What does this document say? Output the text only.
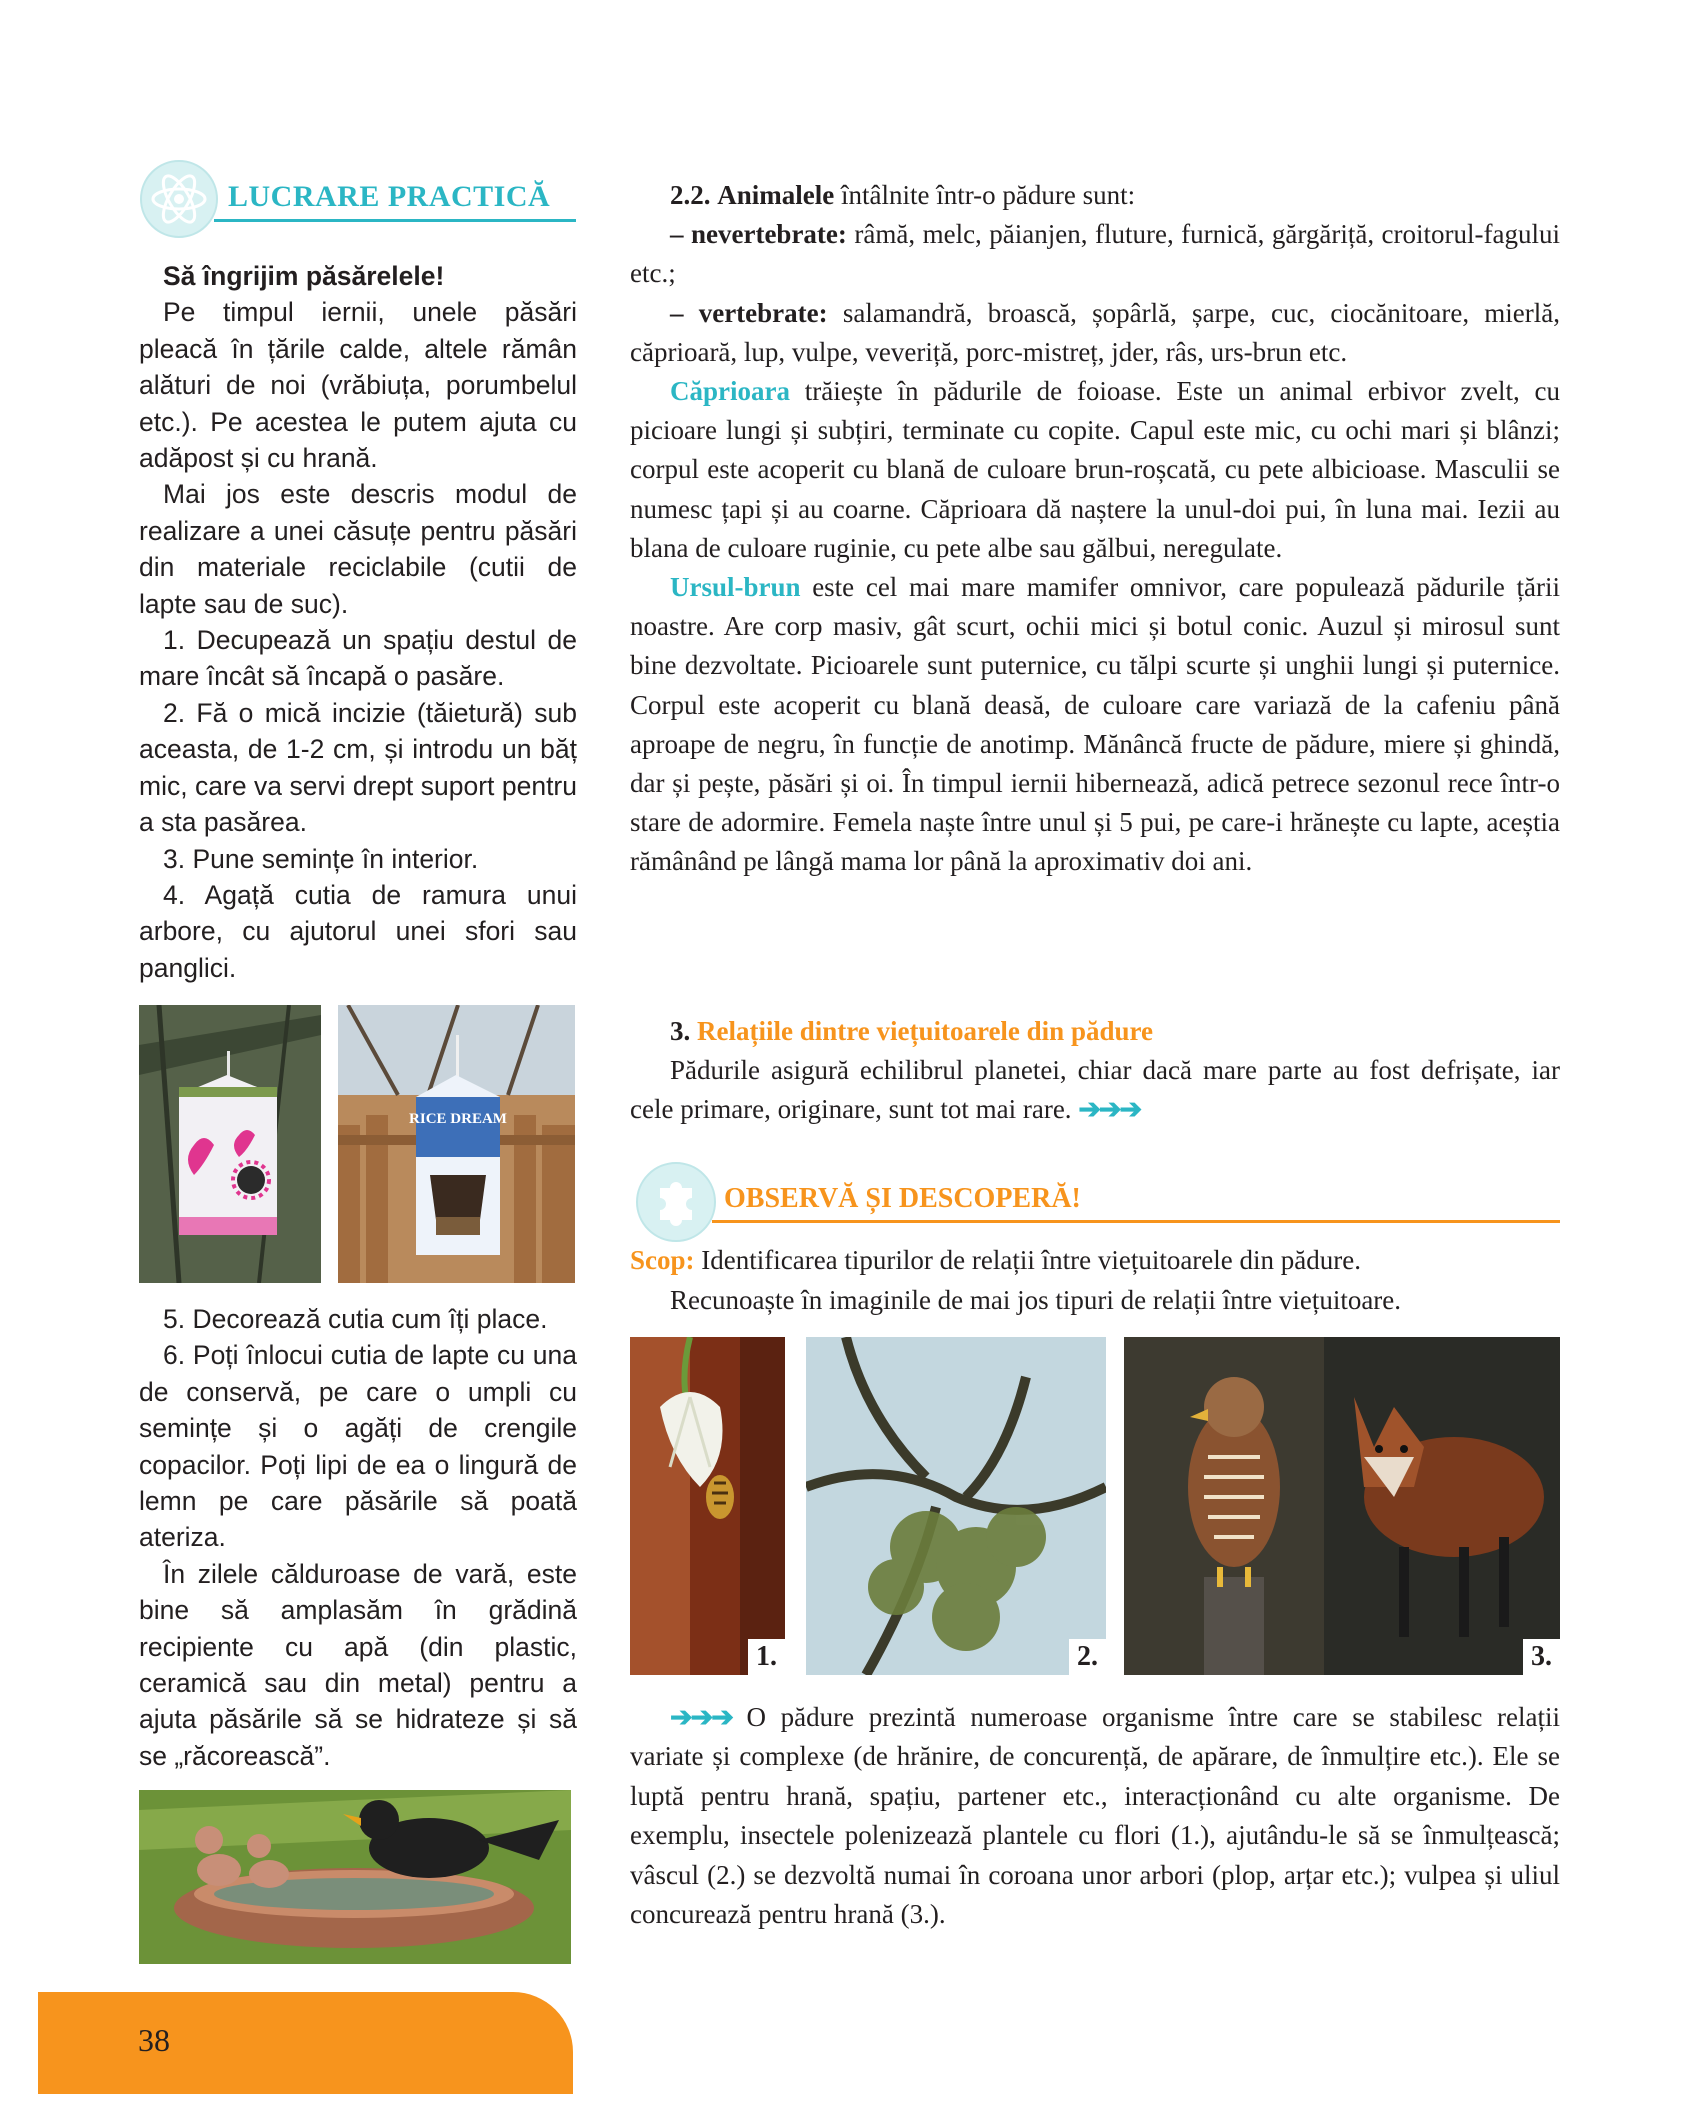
LUCRARE PRACTICĂ

Să îngrijim păsărelele!

Pe timpul iernii, unele păsări pleacă în țările calde, altele rămân alături de noi (vrăbiuța, porumbelul etc.). Pe acestea le putem ajuta cu adăpost și cu hrană.

Mai jos este descris modul de realizare a unei căsuțe pentru păsări din materiale reciclabile (cutii de lapte sau de suc).

1. Decupează un spațiu destul de mare încât să încapă o pasăre.

2. Fă o mică incizie (tăietură) sub aceasta, de 1-2 cm, și introdu un băț mic, care va servi drept suport pentru a sta pasărea.

3. Pune semințe în interior.

4. Agață cutia de ramura unui arbore, cu ajutorul unei sfori sau panglici.

RICE DREAM

5. Decorează cutia cum îți place.

6. Poți înlocui cutia de lapte cu una de conservă, pe care o umpli cu semințe și o agăți de crengile copacilor. Poți lipi de ea o lingură de lemn pe care păsările să poată ateriza.

În zilele călduroase de vară, este bine să amplasăm în grădină recipiente cu apă (din plastic, ceramică sau din metal) pentru a ajuta păsările să se hidrateze și să se „răcorească”.

2.2. Animalele întâlnite într-o pădure sunt:

– nevertebrate: râmă, melc, păianjen, fluture, furnică, gărgăriță, croitorul-fagului etc.;

– vertebrate: salamandră, broască, șopârlă, șarpe, cuc, ciocănitoare, mierlă, căprioară, lup, vulpe, veveriță, porc-mistreț, jder, râs, urs-brun etc.

Căprioara trăiește în pădurile de foioase. Este un animal erbivor zvelt, cu picioare lungi și subțiri, terminate cu copite. Capul este mic, cu ochi mari și blânzi; corpul este acoperit cu blană de culoare brun-roșcată, cu pete albicioase. Masculii se numesc țapi și au coarne. Căprioara dă naștere la unul-doi pui, în luna mai. Iezii au blana de culoare ruginie, cu pete albe sau gălbui, neregulate.

Ursul-brun este cel mai mare mamifer omnivor, care populează pădurile țării noastre. Are corp masiv, gât scurt, ochii mici și botul conic. Auzul și mirosul sunt bine dezvoltate. Picioarele sunt puternice, cu tălpi scurte și unghii lungi și puternice. Corpul este acoperit cu blană deasă, de culoare care variază de la cafeniu până aproape de negru, în funcție de anotimp. Mănâncă fructe de pădure, miere și ghindă, dar și pește, păsări și oi. În timpul iernii hibernează, adică petrece sezonul rece într-o stare de adormire. Femela naște între unul și 5 pui, pe care-i hrănește cu lapte, aceștia rămânând pe lângă mama lor până la aproximativ doi ani.

3. Relațiile dintre viețuitoarele din pădure

Pădurile asigură echilibrul planetei, chiar dacă mare parte au fost defrișate, iar cele primare, originare, sunt tot mai rare. ➔➔➔

OBSERVĂ ȘI DESCOPERĂ!

Scop: Identificarea tipurilor de relații între viețuitoarele din pădure.

Recunoaște în imaginile de mai jos tipuri de relații între viețuitoare.

1.	2.	3.

➔➔➔ O pădure prezintă numeroase organisme între care se stabilesc relații variate și complexe (de hrănire, de concurență, de apărare, de înmulțire etc.). Ele se luptă pentru hrană, spațiu, partener etc., interacționând cu alte organisme. De exemplu, insectele polenizează plantele cu flori (1.), ajutându-le să se înmulțească; vâscul (2.) se dezvoltă numai în coroana unor arbori (plop, arțar etc.); vulpea și uliul concurează pentru hrană (3.).

38
